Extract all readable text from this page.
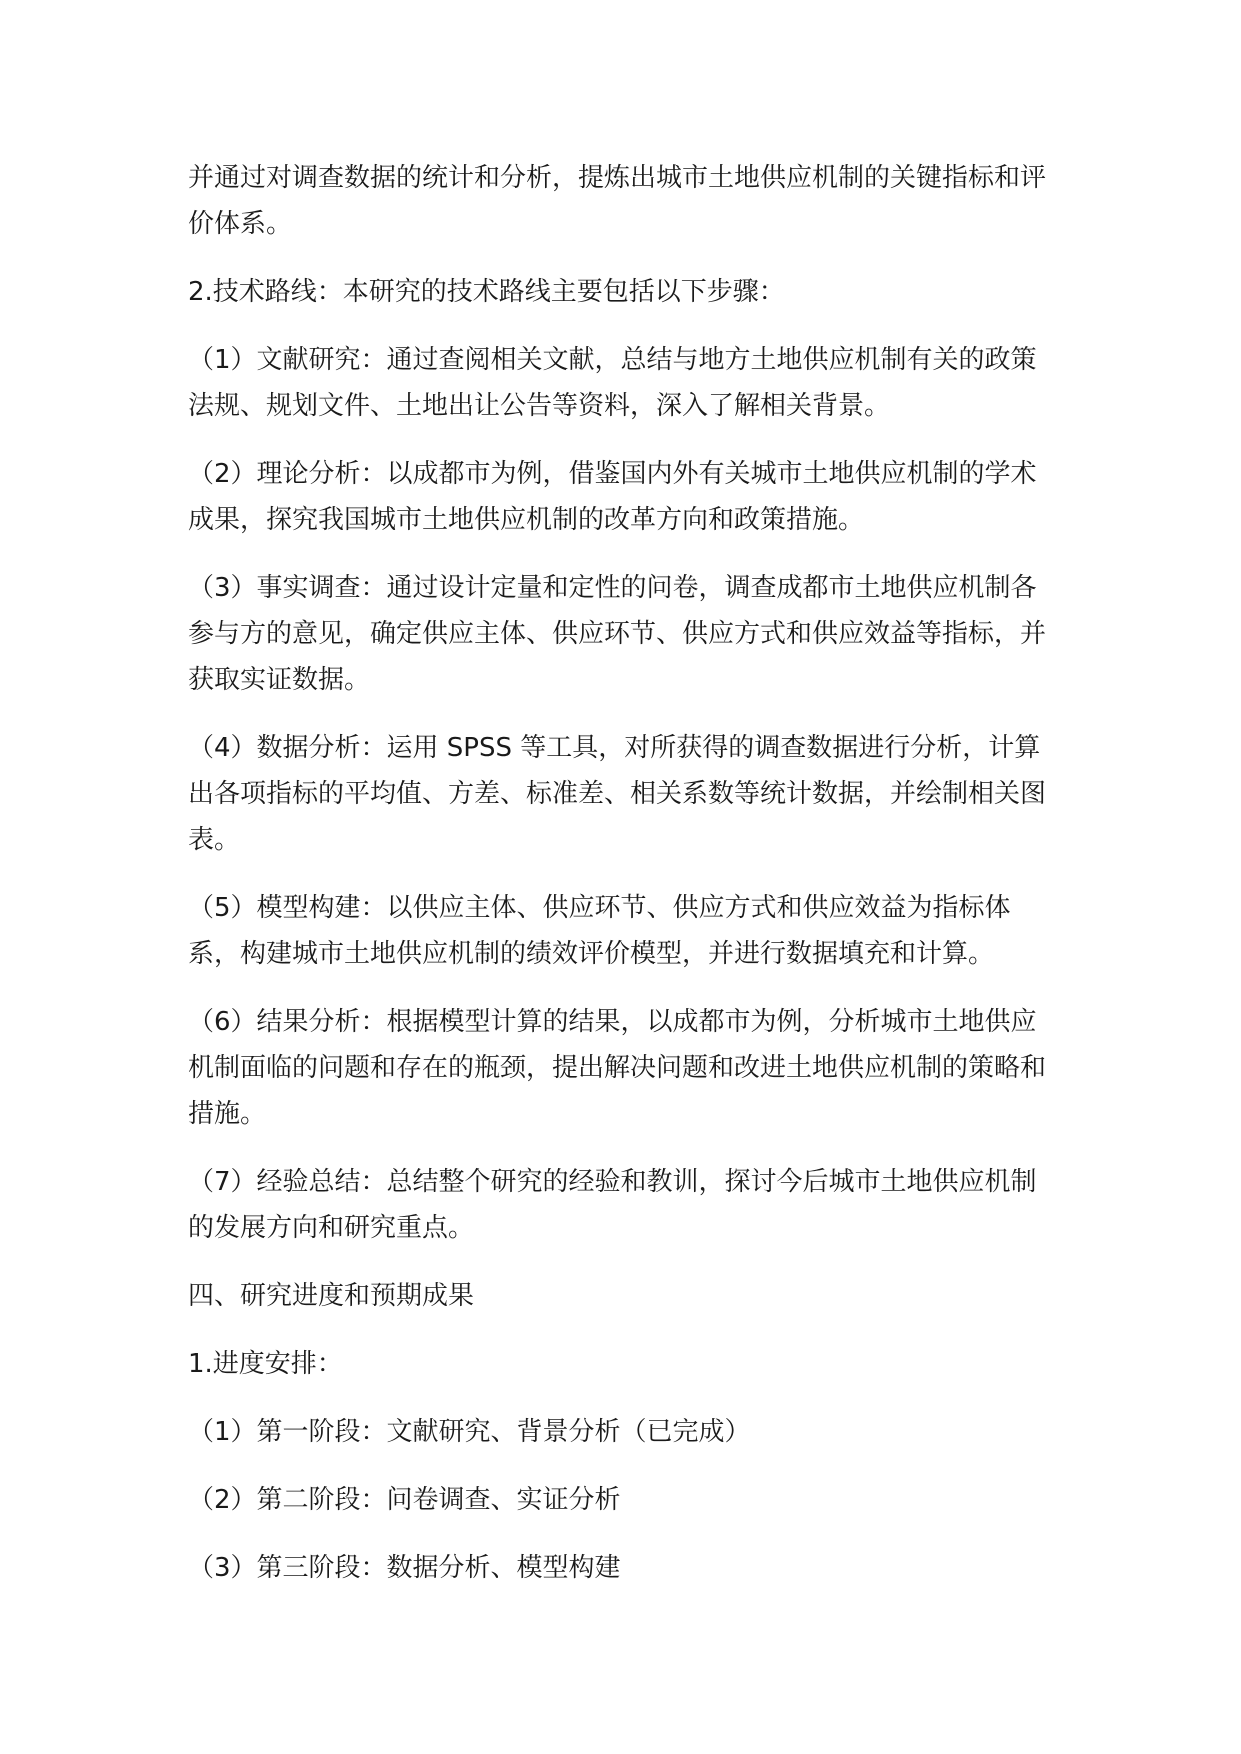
并通过对调查数据的统计和分析，提炼出城市土地供应机制的关键指标和评价体系。

2.技术路线：本研究的技术路线主要包括以下步骤：

（1）文献研究：通过查阅相关文献，总结与地方土地供应机制有关的政策法规、规划文件、土地出让公告等资料，深入了解相关背景。

（2）理论分析：以成都市为例，借鉴国内外有关城市土地供应机制的学术成果，探究我国城市土地供应机制的改革方向和政策措施。

（3）事实调查：通过设计定量和定性的问卷，调查成都市土地供应机制各参与方的意见，确定供应主体、供应环节、供应方式和供应效益等指标，并获取实证数据。

（4）数据分析：运用 SPSS 等工具，对所获得的调查数据进行分析，计算出各项指标的平均值、方差、标准差、相关系数等统计数据，并绘制相关图表。

（5）模型构建：以供应主体、供应环节、供应方式和供应效益为指标体系，构建城市土地供应机制的绩效评价模型，并进行数据填充和计算。

（6）结果分析：根据模型计算的结果，以成都市为例，分析城市土地供应机制面临的问题和存在的瓶颈，提出解决问题和改进土地供应机制的策略和措施。

（7）经验总结：总结整个研究的经验和教训，探讨今后城市土地供应机制的发展方向和研究重点。

四、研究进度和预期成果

1.进度安排：

（1）第一阶段：文献研究、背景分析（已完成）

（2）第二阶段：问卷调查、实证分析

（3）第三阶段：数据分析、模型构建
